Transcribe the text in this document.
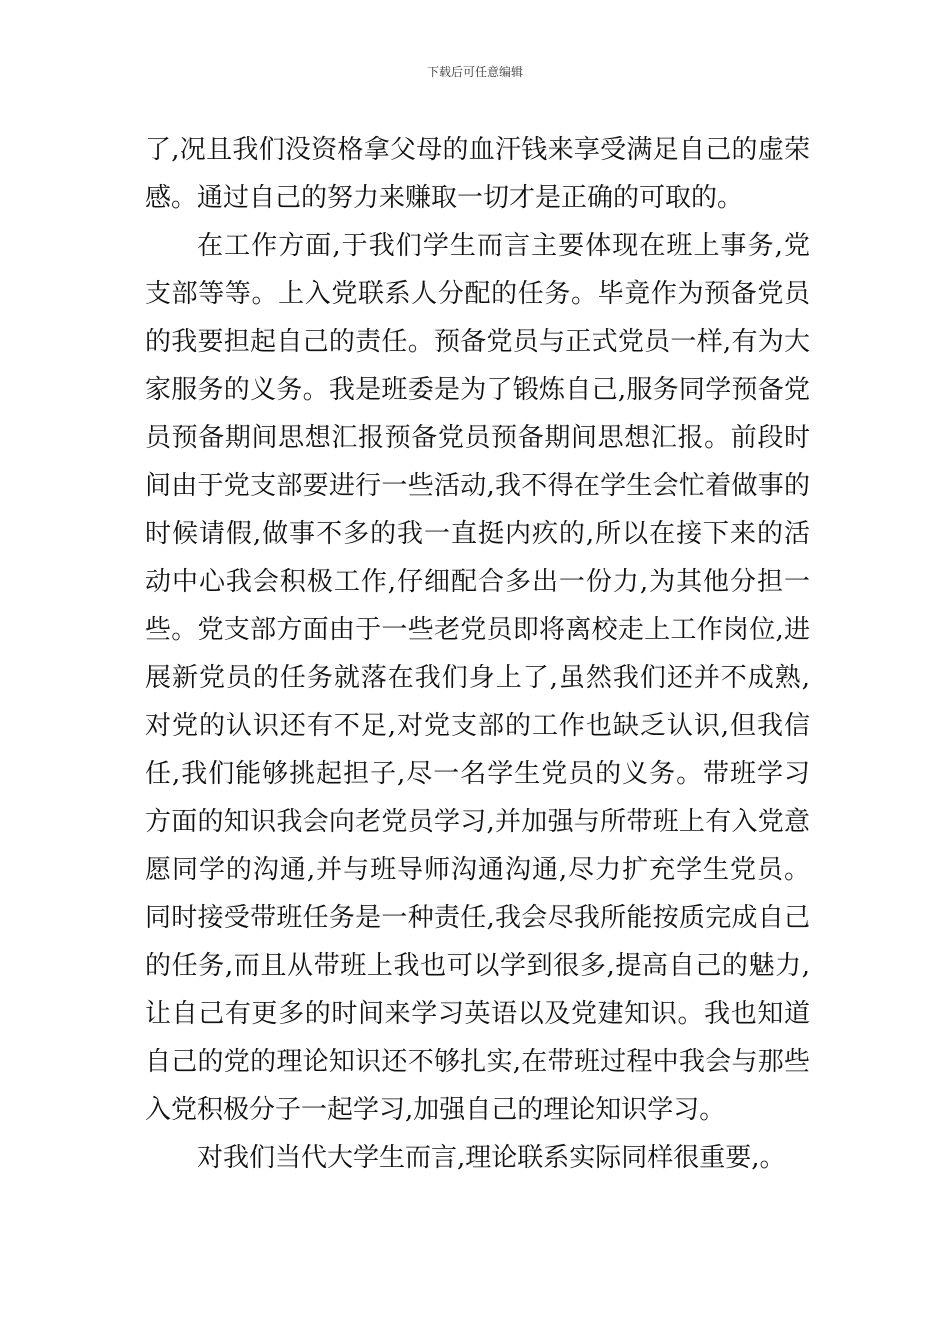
下载后可任意编辑

了,况且我们没资格拿父母的血汗钱来享受满足自己的虚荣感。通过自己的努力来赚取一切才是正确的可取的。

在工作方面,于我们学生而言主要体现在班上事务,党支部等等。上入党联系人分配的任务。毕竟作为预备党员的我要担起自己的责任。预备党员与正式党员一样,有为大家服务的义务。我是班委是为了锻炼自己,服务同学预备党员预备期间思想汇报预备党员预备期间思想汇报。前段时间由于党支部要进行一些活动,我不得在学生会忙着做事的时候请假,做事不多的我一直挺内疚的,所以在接下来的活动中心我会积极工作,仔细配合多出一份力,为其他分担一些。党支部方面由于一些老党员即将离校走上工作岗位,进展新党员的任务就落在我们身上了,虽然我们还并不成熟,对党的认识还有不足,对党支部的工作也缺乏认识,但我信任,我们能够挑起担子,尽一名学生党员的义务。带班学习方面的知识我会向老党员学习,并加强与所带班上有入党意愿同学的沟通,并与班导师沟通沟通,尽力扩充学生党员。同时接受带班任务是一种责任,我会尽我所能按质完成自己的任务,而且从带班上我也可以学到很多,提高自己的魅力,让自己有更多的时间来学习英语以及党建知识。我也知道自己的党的理论知识还不够扎实,在带班过程中我会与那些入党积极分子一起学习,加强自己的理论知识学习。

对我们当代大学生而言,理论联系实际同样很重要,。
